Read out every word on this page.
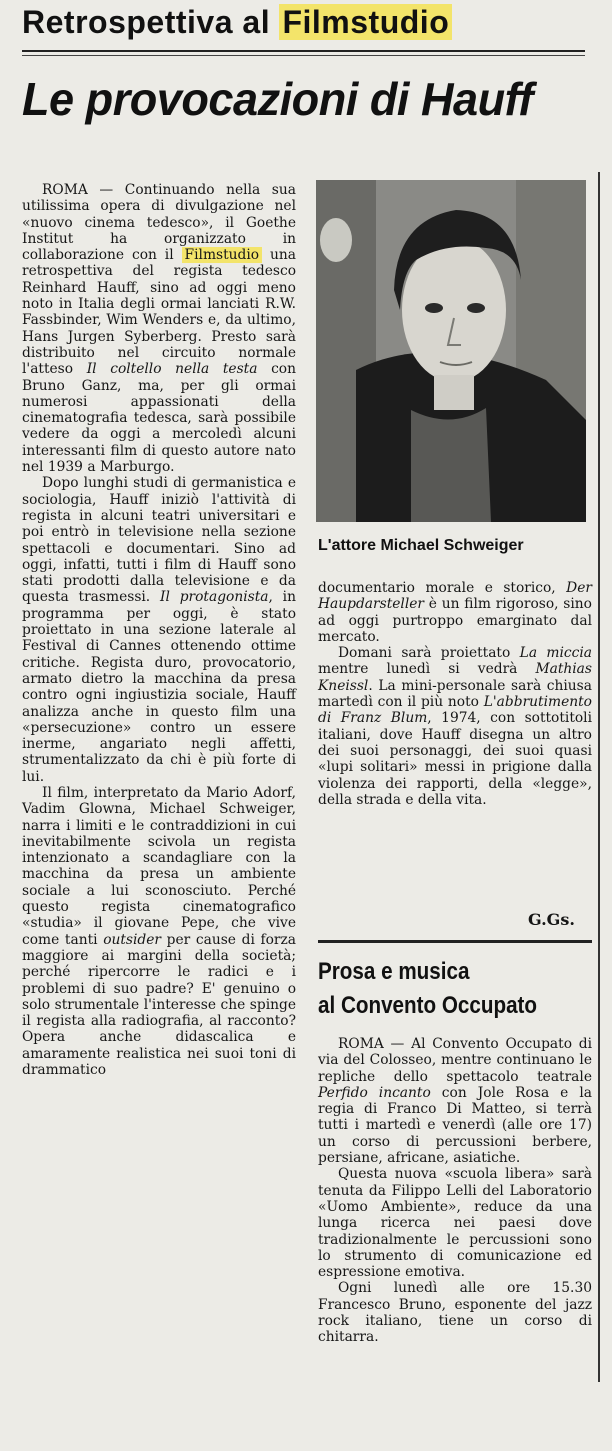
Retrospettiva al Filmstudio
Le provocazioni di Hauff

ROMA — Continuando nella sua utilissima opera di divulgazione nel «nuovo cinema tedesco», il Goethe Institut ha organizzato in collaborazione con il Filmstudio una retrospettiva del regista tedesco Reinhard Hauff, sino ad oggi meno noto in Italia degli ormai lanciati R.W. Fassbinder, Wim Wenders e, da ultimo, Hans Jurgen Syberberg. Presto sarà distribuito nel circuito normale l'atteso Il coltello nella testa con Bruno Ganz, ma, per gli ormai numerosi appassionati della cinematografia tedesca, sarà possibile vedere da oggi a mercoledì alcuni interessanti film di questo autore nato nel 1939 a Marburgo.

Dopo lunghi studi di germanistica e sociologia, Hauff iniziò l'attività di regista in alcuni teatri universitari e poi entrò in televisione nella sezione spettacoli e documentari. Sino ad oggi, infatti, tutti i film di Hauff sono stati prodotti dalla televisione e da questa trasmessi. Il protagonista, in programma per oggi, è stato proiettato in una sezione laterale al Festival di Cannes ottenendo ottime critiche. Regista duro, provocatorio, armato dietro la macchina da presa contro ogni ingiustizia sociale, Hauff analizza anche in questo film una «persecuzione» contro un essere inerme, angariato negli affetti, strumentalizzato da chi è più forte di lui.

Il film, interpretato da Mario Adorf, Vadim Glowna, Michael Schweiger, narra i limiti e le contraddizioni in cui inevitabilmente scivola un regista intenzionato a scandagliare con la macchina da presa un ambiente sociale a lui sconosciuto. Perché questo regista cinematografico «studia» il giovane Pepe, che vive come tanti outsider per cause di forza maggiore ai margini della società; perché ripercorre le radici e i problemi di suo padre? E' genuino o solo strumentale l'interesse che spinge il regista alla radiografia, al racconto? Opera anche didascalica e amaramente realistica nei suoi toni di drammatico

L'attore Michael Schweiger

documentario morale e storico, Der Haupdarsteller è un film rigoroso, sino ad oggi purtroppo emarginato dal mercato.

Domani sarà proiettato La miccia mentre lunedì si vedrà Mathias Kneissl. La mini-personale sarà chiusa martedì con il più noto L'abbrutimento di Franz Blum, 1974, con sottotitoli italiani, dove Hauff disegna un altro dei suoi personaggi, dei suoi quasi «lupi solitari» messi in prigione dalla violenza dei rapporti, della «legge», della strada e della vita.

G.Gs.
Prosa e musica
al Convento Occupato

ROMA — Al Convento Occupato di via del Colosseo, mentre continuano le repliche dello spettacolo teatrale Perfido incanto con Jole Rosa e la regia di Franco Di Matteo, si terrà tutti i martedì e venerdì (alle ore 17) un corso di percussioni berbere, persiane, africane, asiatiche.

Questa nuova «scuola libera» sarà tenuta da Filippo Lelli del Laboratorio «Uomo Ambiente», reduce da una lunga ricerca nei paesi dove tradizionalmente le percussioni sono lo strumento di comunicazione ed espressione emotiva.

Ogni lunedì alle ore 15.30 Francesco Bruno, esponente del jazz rock italiano, tiene un corso di chitarra.
